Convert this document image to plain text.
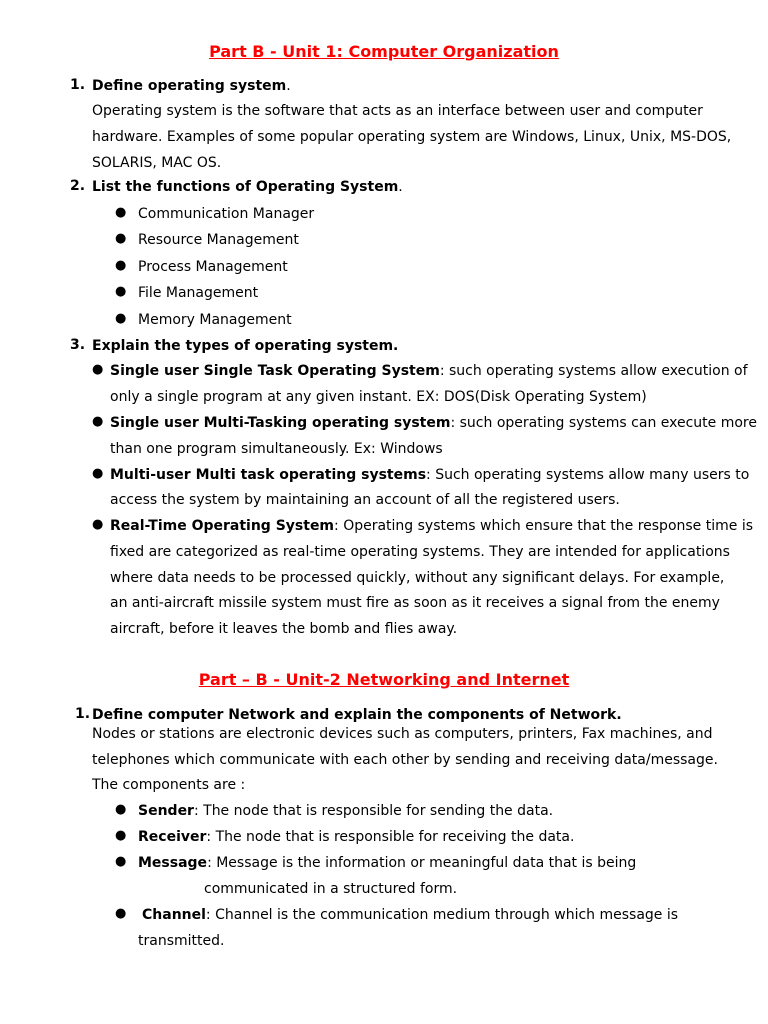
Part B - Unit 1: Computer Organization
1. Define operating system.

Operating system is the software that acts as an interface between user and computer

hardware. Examples of some popular operating system are Windows, Linux, Unix, MS-DOS,

SOLARIS, MAC OS.

2. List the functions of Operating System.

● Communication Manager

● Resource Management

● Process Management

● File Management

● Memory Management

3. Explain the types of operating system.

● Single user Single Task Operating System: such operating systems allow execution of

only a single program at any given instant. EX: DOS(Disk Operating System)

● Single user Multi-Tasking operating system: such operating systems can execute more

than one program simultaneously. Ex: Windows

● Multi-user Multi task operating systems: Such operating systems allow many users to

access the system by maintaining an account of all the registered users.

● Real-Time Operating System: Operating systems which ensure that the response time is

fixed are categorized as real-time operating systems. They are intended for applications

where data needs to be processed quickly, without any significant delays. For example,

an anti-aircraft missile system must fire as soon as it receives a signal from the enemy

aircraft, before it leaves the bomb and flies away.

Part – B - Unit-2 Networking and Internet
1. Define computer Network and explain the components of Network.

Nodes or stations are electronic devices such as computers, printers, Fax machines, and

telephones which communicate with each other by sending and receiving data/message.

The components are :

● Sender: The node that is responsible for sending the data.

● Receiver: The node that is responsible for receiving the data.

● Message: Message is the information or meaningful data that is being

communicated in a structured form.

● Channel: Channel is the communication medium through which message is

transmitted.
